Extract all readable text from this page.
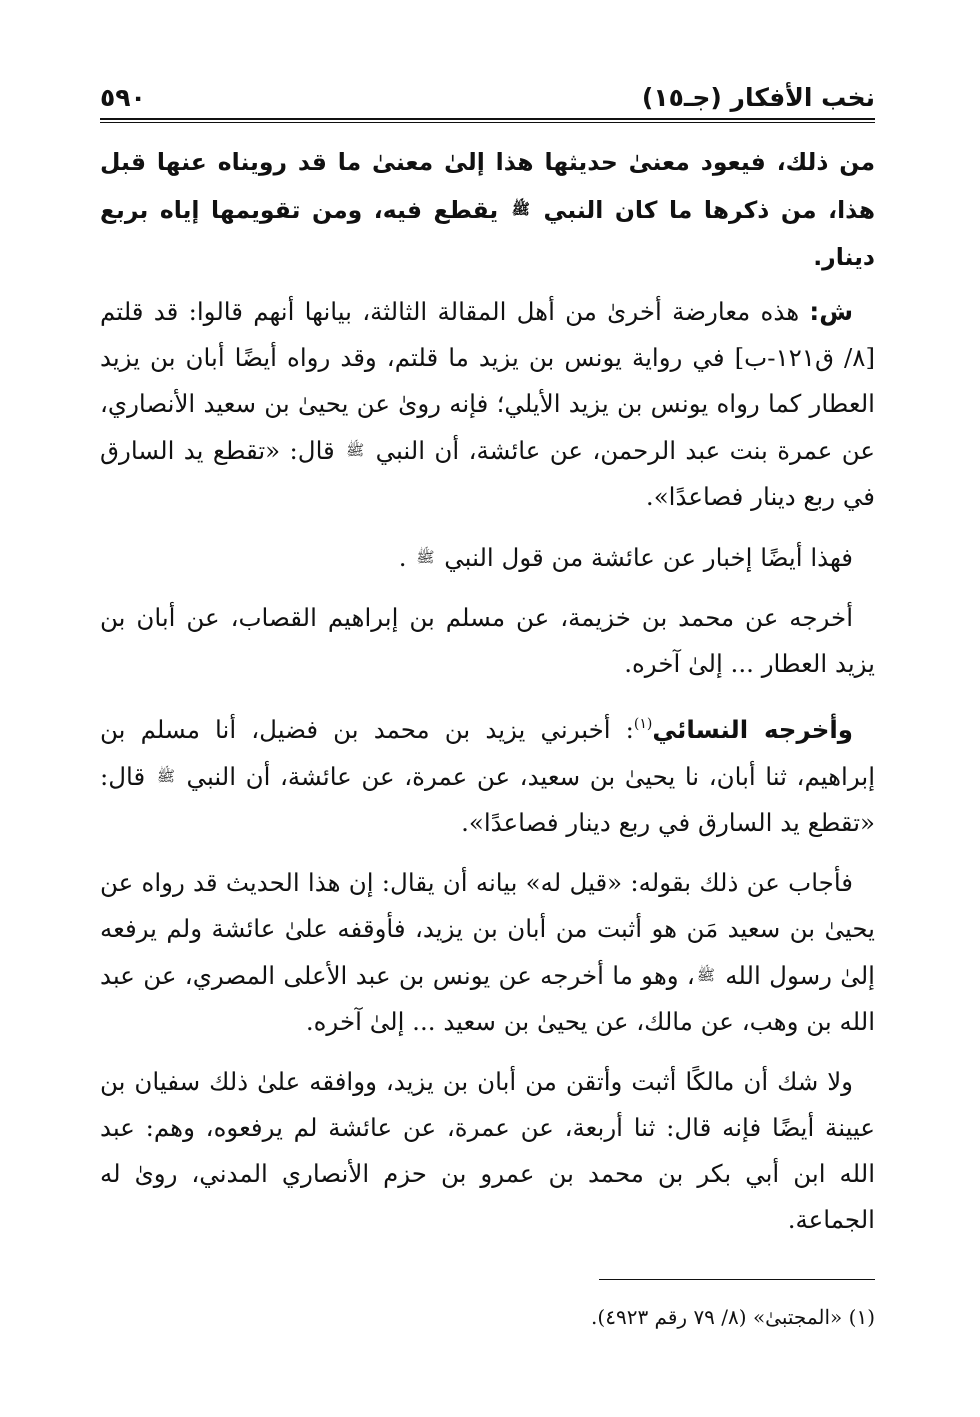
نخب الأفكار (جـ١٥)
٥٩٠

من ذلك، فيعود معنىٰ حديثها هذا إلىٰ معنىٰ ما قد رويناه عنها قبل هذا، من ذكرها ما كان النبي ﷺ يقطع فيه، ومن تقويمها إياه بربع دينار.

ش: هذه معارضة أخرىٰ من أهل المقالة الثالثة، بيانها أنهم قالوا: قد قلتم [٨/ ق١٢١-ب] في رواية يونس بن يزيد ما قلتم، وقد رواه أيضًا أبان بن يزيد العطار كما رواه يونس بن يزيد الأيلي؛ فإنه روىٰ عن يحيىٰ بن سعيد الأنصاري، عن عمرة بنت عبد الرحمن، عن عائشة، أن النبي ﷺ قال: «تقطع يد السارق في ربع دينار فصاعدًا».

فهذا أيضًا إخبار عن عائشة من قول النبي ﷺ .

أخرجه عن محمد بن خزيمة، عن مسلم بن إبراهيم القصاب، عن أبان بن يزيد العطار ... إلىٰ آخره.

وأخرجه النسائي$^{(١)}$: أخبرني يزيد بن محمد بن فضيل، أنا مسلم بن إبراهيم، ثنا أبان، نا يحيىٰ بن سعيد، عن عمرة، عن عائشة، أن النبي ﷺ قال: «تقطع يد السارق في ربع دينار فصاعدًا».

فأجاب عن ذلك بقوله: «قيل له» بيانه أن يقال: إن هذا الحديث قد رواه عن يحيىٰ بن سعيد مَن هو أثبت من أبان بن يزيد، فأوقفه علىٰ عائشة ولم يرفعه إلىٰ رسول الله ﷺ، وهو ما أخرجه عن يونس بن عبد الأعلى المصري، عن عبد الله بن وهب، عن مالك، عن يحيىٰ بن سعيد ... إلىٰ آخره.

ولا شك أن مالكًا أثبت وأتقن من أبان بن يزيد، ووافقه علىٰ ذلك سفيان بن عيينة أيضًا فإنه قال: ثنا أربعة، عن عمرة، عن عائشة لم يرفعوه، وهم: عبد الله ابن أبي بكر بن محمد بن عمرو بن حزم الأنصاري المدني، روىٰ له الجماعة.

(١) «المجتبىٰ» (٨/ ٧٩ رقم ٤٩٢٣).
